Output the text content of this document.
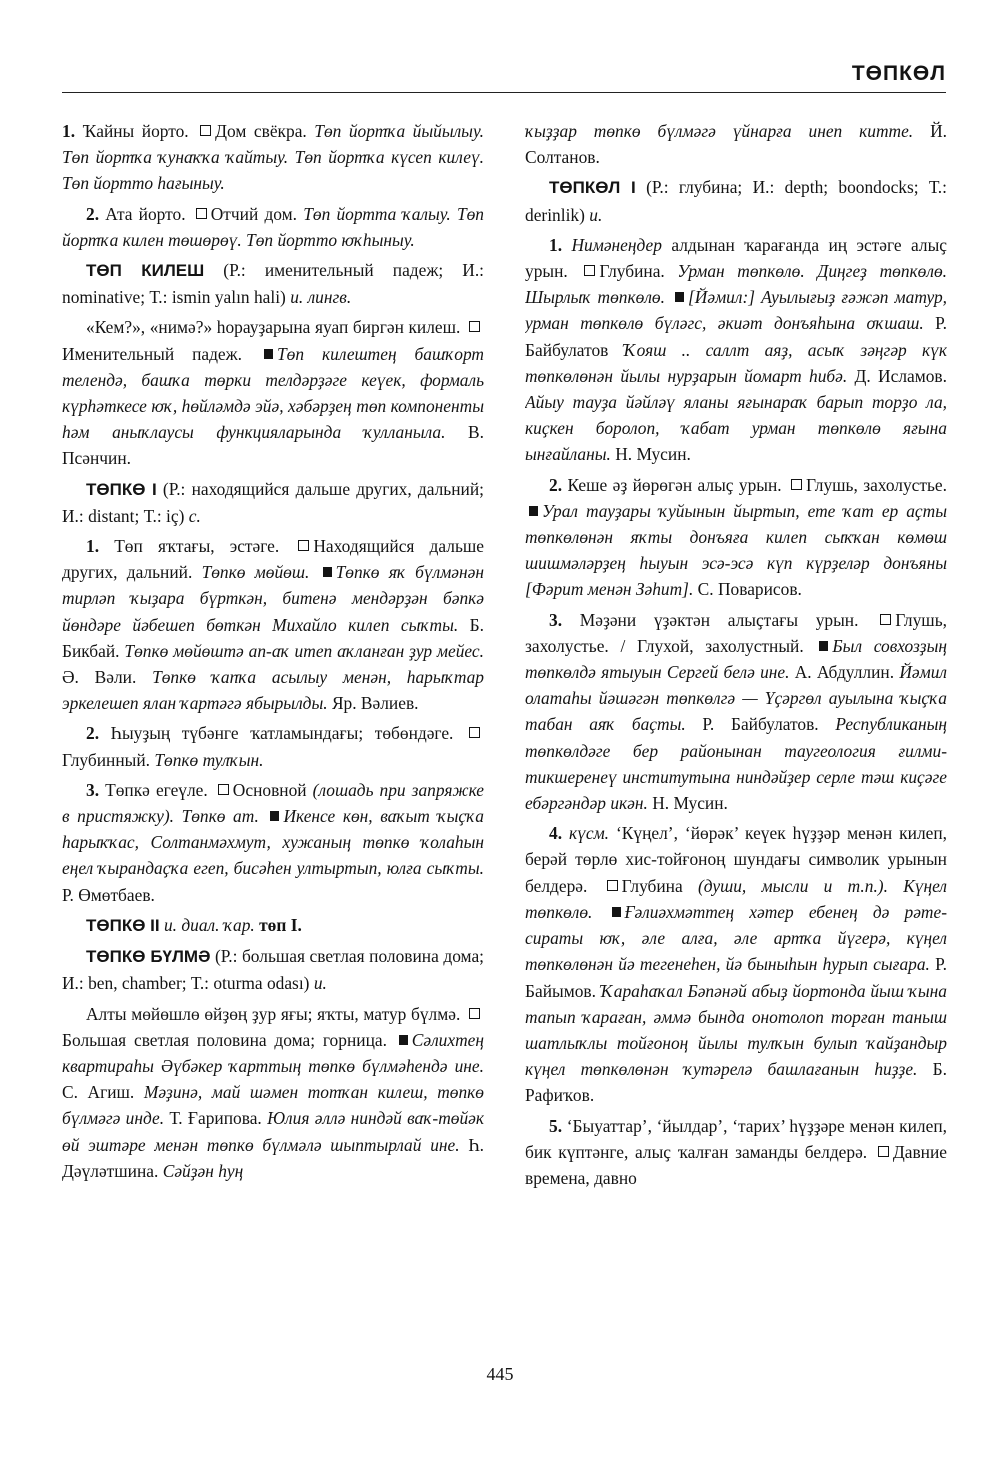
ТӨПКӨЛ

1. Ҡайны йорто. Дом свёкра. Төп йортҡа йыйылыу. Төп йортҡа ҡунаҡҡа ҡайтыу. Төп йортҡа күсеп килеү. Төп йортто һағыныу.

2. Ата йорто. Отчий дом. Төп йортта ҡалыу. Төп йортҡа килен төшөрөү. Төп йортто юҡһыныу.

ТӨП КИЛЕШ (Р.: именительный падеж; И.: nominative; Т.: ismin yalın hali) и. лингв.

«Кем?», «нимә?» һорауҙарына яуап биргән килеш. Именительный падеж. Төп килештең башҡорт телендә, башҡа төрки телдәрҙәге кеүек, формаль күрһәткесе юҡ, һөйләмдә эйә, хәбәрҙең төп компоненты һәм аныҡлаусы функцияларында ҡулланыла. В. Псәнчин.

ТӨПКӨ I (Р.: находящийся дальше других, дальний; И.: distant; Т.: iç) с.

1. Төп яҡтағы, эстәге. Находящийся дальше других, дальний. Төпкө мөйөш. Төпкө яҡ бүлмәнән тирләп ҡыҙара бүрткән, битенә мендәрҙән бәпкә йөндәре йәбешеп бөткән Михайло килеп сыҡты. Б. Бикбай. Төпкө мөйөштә ап-аҡ итеп аҡланған ҙур мейес. Ә. Вәли. Төпкө ҡапҡа асылыу менән, һарыҡтар эркелешеп ялан ҡартәгә ябырылды. Яр. Вәлиев.

2. Һыуҙың түбәнге ҡатламындағы; төбөндәге. Глубинный. Төпкө тулҡын.

3. Төпкә егеүле. Основной (лошадь при запряжке в пристяжку). Төпкө ат. Икенсе көн, ваҡыт ҡыҫҡа һарыҡҡас, Солтанмәхмут, хужаның төпкө ҡолаһын еңел ҡырандаҫҡа егеп, бисәһен ултыртып, юлға сыҡты. Р. Өмөтбаев.

ТӨПКӨ II и. диал. ҡар. төп I.

ТӨПКӨ БҮЛМӘ (Р.: большая светлая половина дома; И.: ben, chamber; Т.: oturma odası) и.

Алты мөйөшлө өйҙөң ҙур яғы; яҡты, матур бүлмә. Большая светлая половина дома; горница. Сәлихтең квартираһы Әүбәкер ҡарттың төпкө бүлмәһендә ине. С. Агиш. Мәҙинә, май шәмен тотҡан килеш, төпкө бүлмәгә инде. Т. Ғарипова. Юлия әллә ниндәй ваҡ-төйәк өй эштәре менән төпкө бүлмәлә шыптырлай ине. Һ. Дәүләтшина. Сәйҙән һуң

ҡыҙҙар төпкө бүлмәгә үйнарға инеп китте. Й. Солтанов.

ТӨПКӨЛ I (Р.: глубина; И.: depth; boondocks; Т.: derinlik) и.

1. Нимәнеңдер алдынан ҡарағанда иң эстәге алыҫ урын. Глубина. Урман төпкөлө. Диңгеҙ төпкөлө. Шырлыҡ төпкөлө. [Йәмил:] Ауылығыҙ ғәжәп матур, урман төпкөлө бүләгс, әкиәт донъяһына оҡшаш. Р. Байбулатов Ҡояш .. саллт аяҙ, асыҡ зәңгәр күк төпкөлөнән йылы нурҙарын йомарт һибә. Д. Исламов. Айыу тауҙа йәйләү яланы яғынараҡ барып торҙо ла, киҫкен боролоп, ҡабат урман төпкөлө яғына ынғайланы. Н. Мусин.

2. Кеше әҙ йөрөгән алыҫ урын. Глушь, захолустье. Урал тауҙары ҡуйынын йыртып, ете ҡат ер аҫты төпкөлөнән яҡты донъяға килеп сыҡҡан көмөш шишмәләрҙең һыуын эсә-эсә күп күрҙеләр донъяны [Фәрит менән Зәһит]. С. Поварисов.

3. Мәҙәни үҙәктән алыҫтағы урын. Глушь, захолустье. / Глухой, захолустный. Был совхозҙың төпкөлдә ятыуын Сергей белә ине. А. Абдуллин. Йәмил олатаһы йәшәгән төпкөлгә — Үҫәргөл ауылына ҡыҫҡа табан аяҡ баҫты. Р. Байбулатов. Республиканың төпкөлдәге бер районынан таугеология ғилми-тикшеренеү институтына ниндәйҙер серле тәш киҫәге ебәргәндәр икән. Н. Мусин.

4. күсм. ‘Күңел’, ‘йөрәк’ кеүек һүҙҙәр менән килеп, берәй төрлө хис-тойғоноң шундағы символик урынын белдерә. Глубина (души, мысли и т.п.). Күңел төпкөлө. Ғәлиәхмәттең хәтер ебенең дә рәте-сираты юҡ, әле алға, әле артҡа йүгерә, күңел төпкөлөнән йә тегенеһен, йә быныһын һурып сығара. Р. Байымов. Ҡараһаҡал Бәпәнәй абыҙ йортонда йыш ҡына тапып ҡараған, әммә бында онотолоп торған таныш шатлыҡлы тойғоноң йылы тулҡын булып ҡайҙандыр күңел төпкөлөнән ҡутәрелә башлағанын һиҙҙе. Б. Рафиҡов.

5. ‘Быуаттар’, ‘йылдар’, ‘тарих’ һүҙҙәре менән килеп, бик күптәнге, алыҫ ҡалған заманды белдерә. Давние времена, давно

445
